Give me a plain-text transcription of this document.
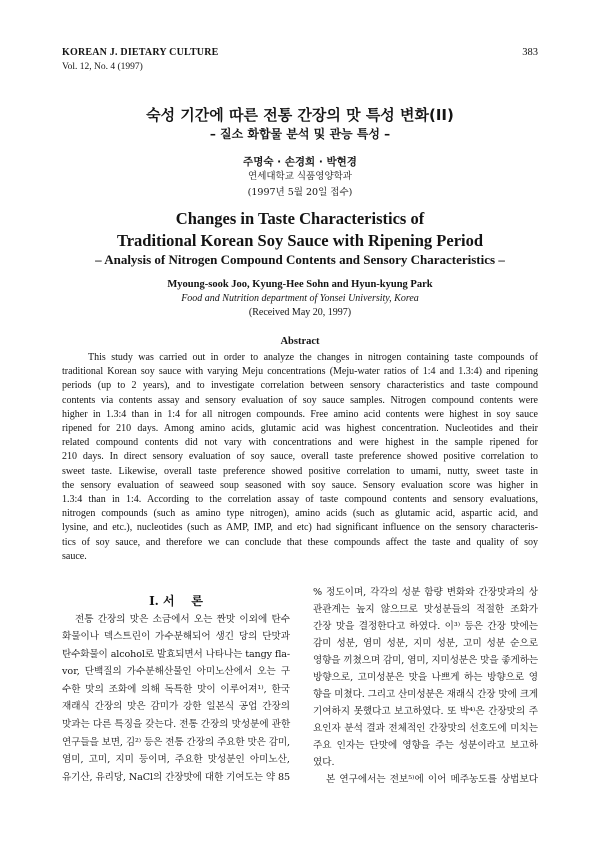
KOREAN J. DIETARY CULTURE
Vol. 12, No. 4 (1997)
383
숙성 기간에 따른 전통 간장의 맛 특성 변화(II)
– 질소 화합물 분석 및 관능 특성 –
주명숙 · 손경희 · 박현경
연세대학교 식품영양학과
(1997년 5월 20일 접수)
Changes in Taste Characteristics of
Traditional Korean Soy Sauce with Ripening Period
– Analysis of Nitrogen Compound Contents and Sensory Characteristics –
Myoung-sook Joo, Kyung-Hee Sohn and Hyun-kyung Park
Food and Nutrition department of Yonsei University, Korea
(Received May 20, 1997)
Abstract
This study was carried out in order to analyze the changes in nitrogen containing taste compounds of
traditional Korean soy sauce with varying Meju concentrations (Meju-water ratios of 1:4 and 1.3:4) and ripening
periods (up to 2 years), and to investigate correlation between sensory characteristics and taste compound
contents via contents assay and sensory evaluation of soy sauce samples. Nitrogen compound contents were
higher in 1.3:4 than in 1:4 for all nitrogen compounds. Free amino acid contents were highest in soy sauce
ripened for 210 days. Among amino acids, glutamic acid was highest concentration. Nucleotides and their
related compound contents did not vary with concentrations and were highest in the sample ripened for
210 days. In direct sensory evaluation of soy sauce, overall taste preference showed positive correlation to
sweet taste. Likewise, overall taste preference showed positive correlation to umami, nutty, sweet taste in
the sensory evaluation of seaweed soup seasoned with soy sauce. Sensory evaluation score was higher in
1.3:4 than in 1:4. According to the correlation assay of taste compound contents and sensory evaluations,
nitrogen compounds (such as amino type nitrogen), amino acids (such as glutamic acid, aspartic acid, and
lysine, and etc.), nucleotides (such as AMP, IMP, and etc) had significant influence on the sensory characteris-
tics of soy sauce, and therefore we can conclude that these compounds affect the taste and quality of soy
sauce.
I. 서    론
전통 간장의 맛은 소금에서 오는 짠맛 이외에 탄수
화물이나 덱스트린이 가수분해되어 생긴 당의 단맛과
탄수화물이 alcohol로 발효되면서 나타나는 tangy fla-
vor, 단백질의 가수분해산물인 아미노산에서 오는 구
수한 맛의 조화에 의해 독특한 맛이 이루어져¹⁾, 한국
재래식 간장의 맛은 감미가 강한 일본식 공업 간장의
맛과는 다른 특징을 갖는다. 전통 간장의 맛성분에 관한
연구들을 보면, 김²⁾ 등은 전통 간장의 주요한 맛은 감미,
염미, 고미, 지미 등이며, 주요한 맛성분인 아미노산,
유기산, 유리당, NaCl의 간장맛에 대한 기여도는 약 85
% 정도이며, 각각의 성분 함량 변화와 간장맛과의 상
관관계는 높지 않으므로 맛성분들의 적절한 조화가
간장 맛을 결정한다고 하였다. 이³⁾ 등은 간장 맛에는
감미 성분, 염미 성분, 지미 성분, 고미 성분 순으로
영향을 끼쳤으며 감미, 염미, 지미성분은 맛을 좋게하는
방향으로, 고미성분은 맛을 나쁘게 하는 방향으로 영
향을 미쳤다. 그리고 산미성분은 재래식 간장 맛에 크게
기여하지 못했다고 보고하였다. 또 박⁴⁾은 간장맛의 주
요인자 분석 결과 전체적인 간장맛의 선호도에 미치는
주요 인자는 단맛에 영향을 주는 성분이라고 보고하
였다.
본 연구에서는 전보⁵⁾에 이어 메주농도를 상법보다
